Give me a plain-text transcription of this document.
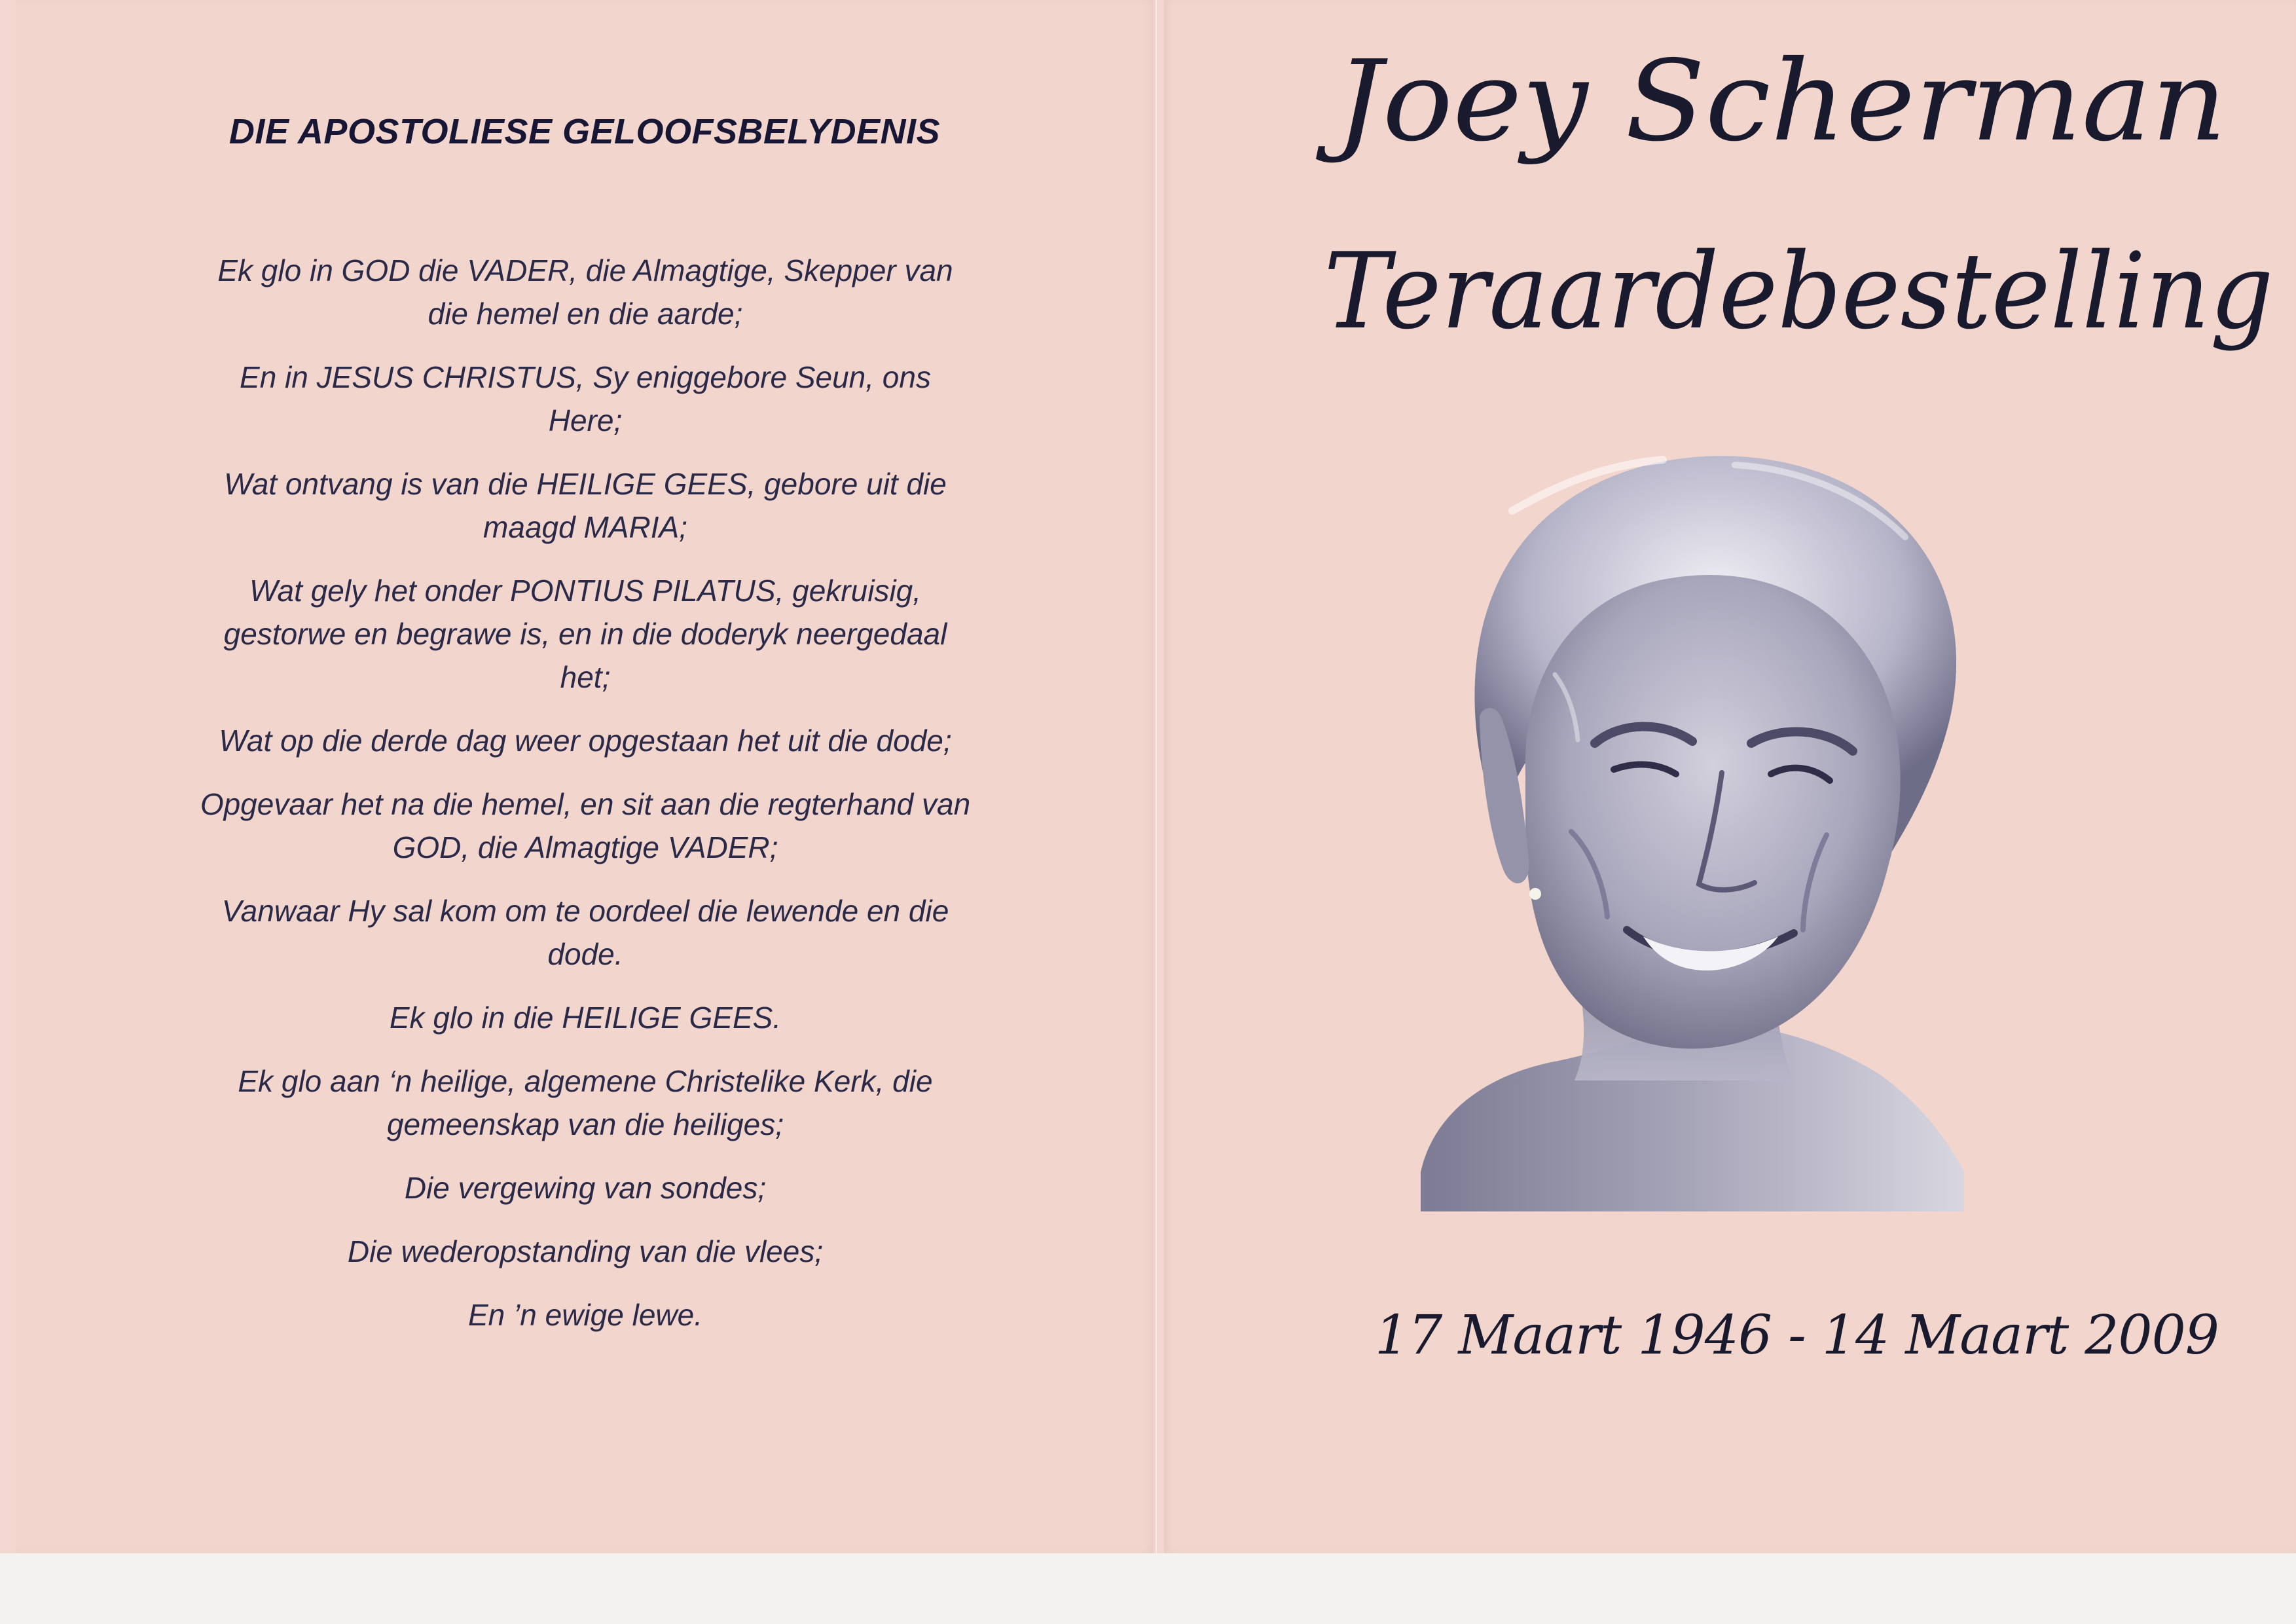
DIE APOSTOLIESE GELOOFSBELYDENIS

Ek glo in GOD die VADER, die Almagtige, Skepper van die hemel en die aarde;

En in JESUS CHRISTUS, Sy eniggebore Seun, ons Here;

Wat ontvang is van die HEILIGE GEES, gebore uit die maagd MARIA;

Wat gely het onder PONTIUS PILATUS, gekruisig, gestorwe en begrawe is, en in die doderyk neergedaal het;

Wat op die derde dag weer opgestaan het uit die dode;

Opgevaar het na die hemel, en sit aan die regterhand van GOD, die Almagtige VADER;

Vanwaar Hy sal kom om te oordeel die lewende en die dode.

Ek glo in die HEILIGE GEES.

Ek glo aan ‘n heilige, algemene Christelike Kerk, die gemeenskap van die heiliges;

Die vergewing van sondes;

Die wederopstanding van die vlees;

En ’n ewige lewe.

Joey Scherman
Teraardebestelling
17 Maart 1946 - 14 Maart 2009
